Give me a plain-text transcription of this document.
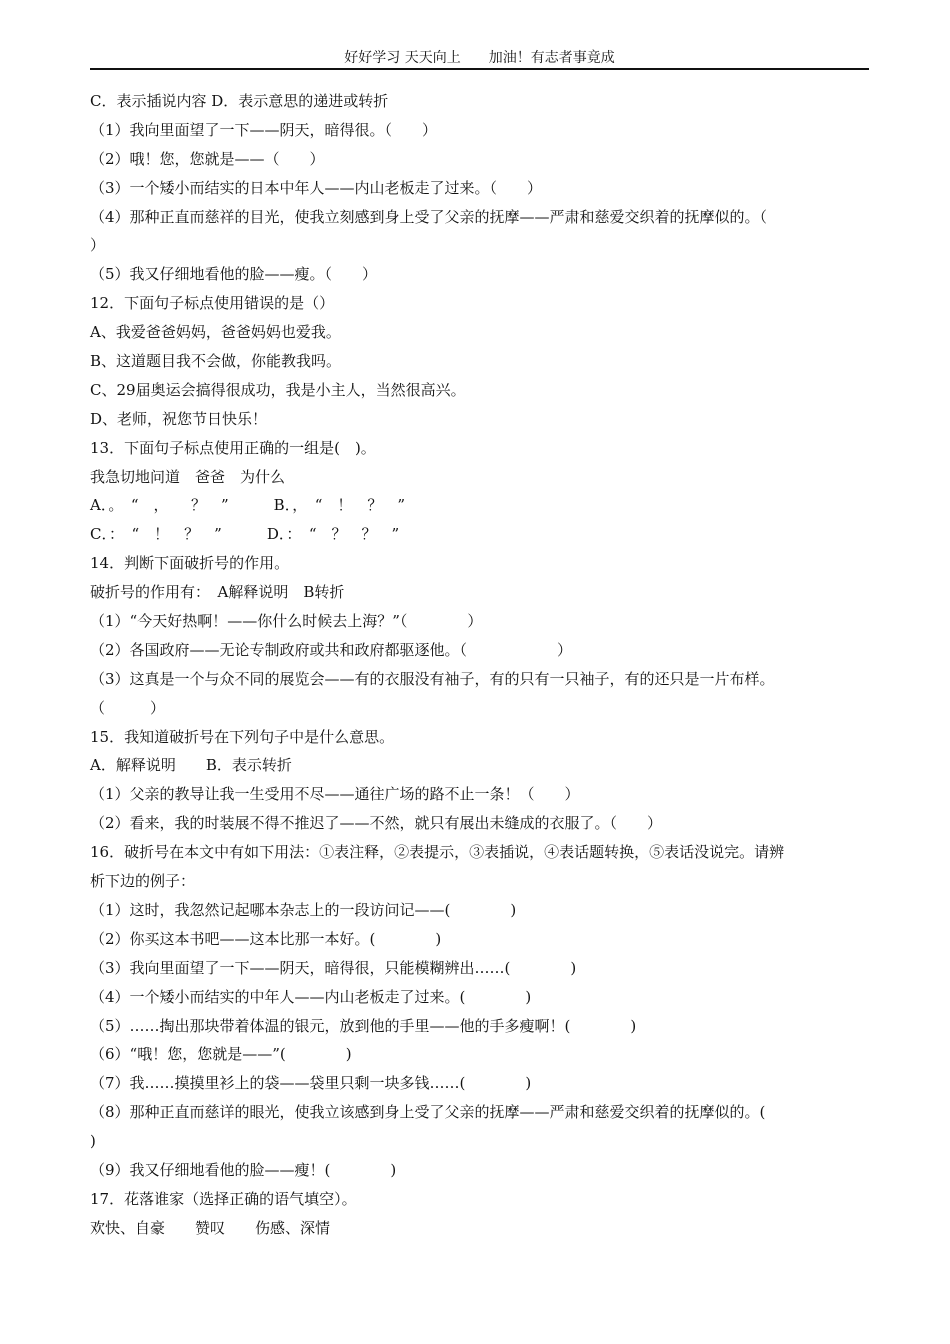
好好学习 天天向上 加油！有志者事竟成
C．表示插说内容 D．表示意思的递进或转折
（1）我向里面望了一下——阴天，暗得很。（　　）
（2）哦！您，您就是——（　　）
（3）一个矮小而结实的日本中年人——内山老板走了过来。（　　）
（4）那种正直而慈祥的目光，使我立刻感到身上受了父亲的抚摩——严肃和慈爱交织着的抚摩似的。（
）
（5）我又仔细地看他的脸——瘦。（　　）
12．下面句子标点使用错误的是（）
A、我爱爸爸妈妈，爸爸妈妈也爱我。
B、这道题目我不会做，你能教我吗。
C、29届奥运会搞得很成功，我是小主人，当然很高兴。
D、老师，祝您节日快乐！
13．下面句子标点使用正确的一组是(　)。
我急切地问道　爸爸　为什么
A．。　“　，　　？　”　　　B．，　“　！　？　”
C．：　“　！　？　”　　　D．：　“　？　？　”
14．判断下面破折号的作用。
破折号的作用有：　A解释说明　B转折
（1）“今天好热啊！——你什么时候去上海？”（　　　　）
（2）各国政府——无论专制政府或共和政府都驱逐他。（　　　　　　）
（3）这真是一个与众不同的展览会——有的衣服没有袖子，有的只有一只袖子，有的还只是一片布样。
（　　　）
15．我知道破折号在下列句子中是什么意思。
A．解释说明　　B．表示转折
（1）父亲的教导让我一生受用不尽——通往广场的路不止一条！（　　）
（2）看来，我的时装展不得不推迟了——不然，就只有展出未缝成的衣服了。（　　）
16．破折号在本文中有如下用法：①表注释，②表提示，③表插说，④表话题转换，⑤表话没说完。请辨
析下边的例子：
（1）这时，我忽然记起哪本杂志上的一段访问记——(　　　　)
（2）你买这本书吧——这本比那一本好。(　　　　)
（3）我向里面望了一下——阴天，暗得很，只能模糊辨出……(　　　　)
（4）一个矮小而结实的中年人——内山老板走了过来。(　　　　)
（5）……掏出那块带着体温的银元，放到他的手里——他的手多瘦啊！(　　　　)
（6）“哦！您，您就是——”(　　　　)
（7）我……摸摸里衫上的袋——袋里只剩一块多钱……(　　　　)
（8）那种正直而慈详的眼光，使我立该感到身上受了父亲的抚摩——严肃和慈爱交织着的抚摩似的。(
)
（9）我又仔细地看他的脸——瘦！(　　　　)
17．花落谁家（选择正确的语气填空）。
欢快、自豪　　赞叹　　伤感、深情
